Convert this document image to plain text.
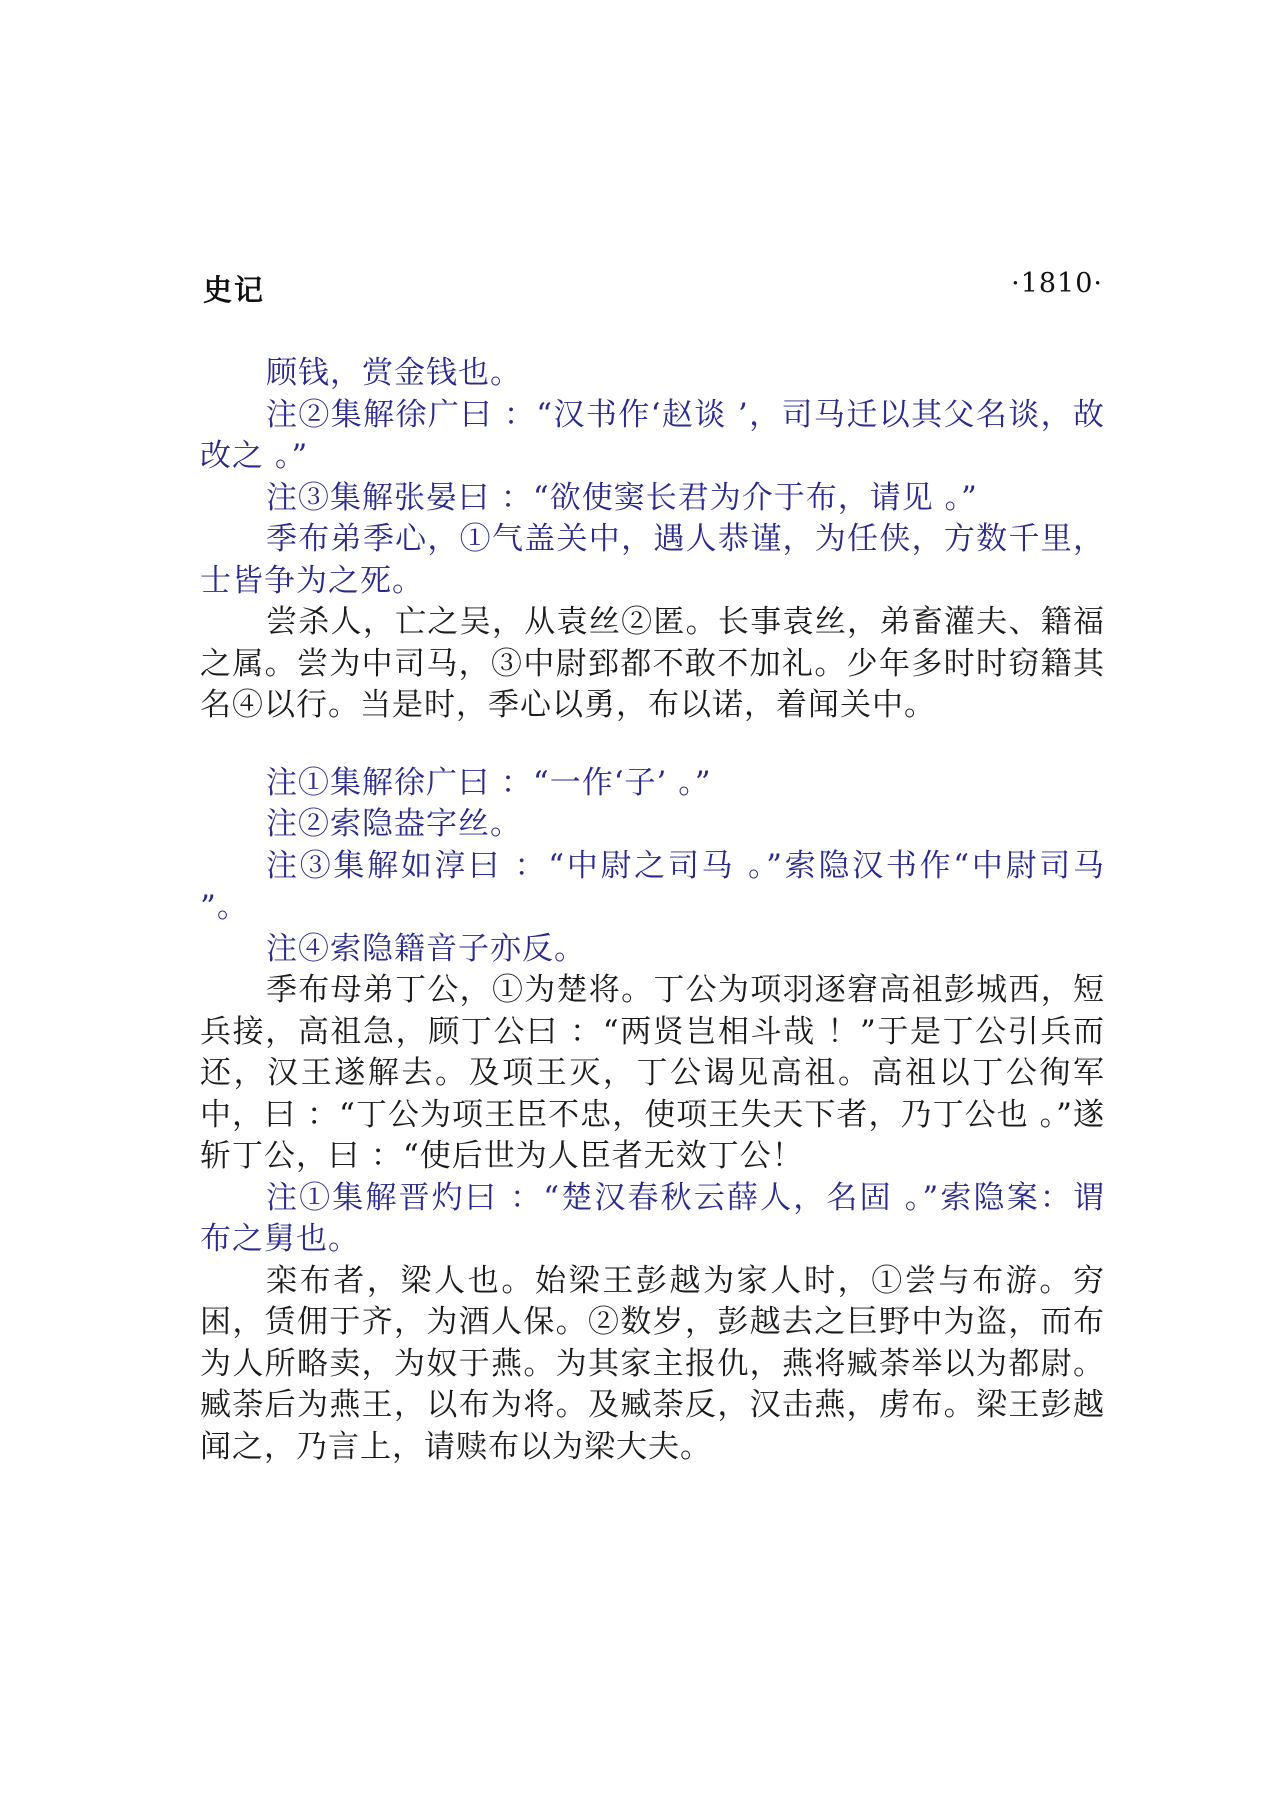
史记	·1810·

顾钱，赏金钱也。

注②集解徐广曰 ：“汉书作‘赵谈 ’，司马迁以其父名谈，故改之 。”

注③集解张晏曰 ：“欲使窦长君为介于布，请见 。”

季布弟季心，①气盖关中，遇人恭谨，为任侠，方数千里，士皆争为之死。

尝杀人，亡之吴，从袁丝②匿。长事袁丝，弟畜灌夫、籍福之属。尝为中司马，③中尉郅都不敢不加礼。少年多时时窃籍其名④以行。当是时，季心以勇，布以诺，着闻关中。

注①集解徐广曰 ：“一作‘子’ 。”

注②索隐盎字丝。

注③集解如淳曰 ：“中尉之司马 。”索隐汉书作“中尉司马 ”。

注④索隐籍音子亦反。

季布母弟丁公，①为楚将。丁公为项羽逐窘高祖彭城西，短兵接，高祖急，顾丁公曰 ：“两贤岂相斗哉 ！”于是丁公引兵而还，汉王遂解去。及项王灭，丁公谒见高祖。高祖以丁公徇军中，曰 ：“丁公为项王臣不忠，使项王失天下者，乃丁公也 。”遂斩丁公，曰 ：“使后世为人臣者无效丁公！

注①集解晋灼曰 ：“楚汉春秋云薛人，名固 。”索隐案：谓布之舅也。

栾布者，梁人也。始梁王彭越为家人时，①尝与布游。穷困，赁佣于齐，为酒人保。②数岁，彭越去之巨野中为盗，而布为人所略卖，为奴于燕。为其家主报仇，燕将臧荼举以为都尉。臧荼后为燕王，以布为将。及臧荼反，汉击燕，虏布。梁王彭越闻之，乃言上，请赎布以为梁大夫。
